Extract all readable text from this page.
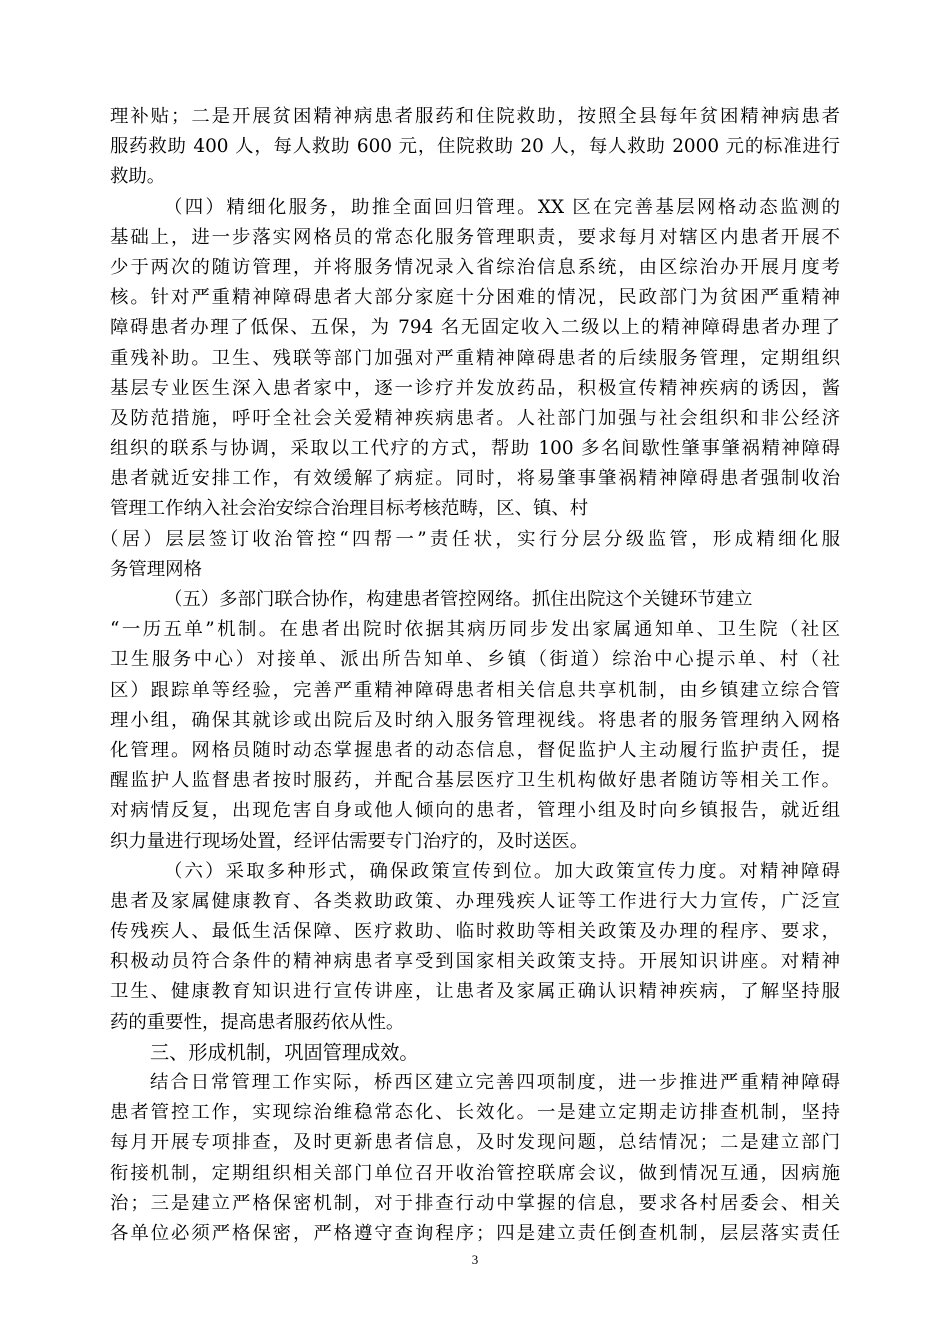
理补贴；二是开展贫困精神病患者服药和住院救助，按照全县每年贫困精神病患者
服药救助 400 人，每人救助 600 元，住院救助 20 人，每人救助 2000 元的标准进行
救助。
（四）精细化服务，助推全面回归管理。XX 区在完善基层网格动态监测的
基础上，进一步落实网格员的常态化服务管理职责，要求每月对辖区内患者开展不
少于两次的随访管理，并将服务情况录入省综治信息系统，由区综治办开展月度考
核。针对严重精神障碍患者大部分家庭十分困难的情况，民政部门为贫困严重精神
障碍患者办理了低保、五保，为 794 名无固定收入二级以上的精神障碍患者办理了
重残补助。卫生、残联等部门加强对严重精神障碍患者的后续服务管理，定期组织
基层专业医生深入患者家中，逐一诊疗并发放药品，积极宣传精神疾病的诱因，酱
及防范措施，呼吁全社会关爱精神疾病患者。人社部门加强与社会组织和非公经济
组织的联系与协调，采取以工代疗的方式，帮助 100 多名间歇性肇事肇祸精神障碍
患者就近安排工作，有效缓解了病症。同时，将易肇事肇祸精神障碍患者强制收治
管理工作纳入社会治安综合治理目标考核范畴，区、镇、村
（居）层层签订收治管控“四帮一”责任状，实行分层分级监管，形成精细化服
务管理网格
（五）多部门联合协作，构建患者管控网络。抓住出院这个关键环节建立
“一历五单”机制。在患者出院时依据其病历同步发出家属通知单、卫生院（社区
卫生服务中心）对接单、派出所告知单、乡镇（街道）综治中心提示单、村（社
区）跟踪单等经验，完善严重精神障碍患者相关信息共享机制，由乡镇建立综合管
理小组，确保其就诊或出院后及时纳入服务管理视线。将患者的服务管理纳入网格
化管理。网格员随时动态掌握患者的动态信息，督促监护人主动履行监护责任，提
醒监护人监督患者按时服药，并配合基层医疗卫生机构做好患者随访等相关工作。
对病情反复，出现危害自身或他人倾向的患者，管理小组及时向乡镇报告，就近组
织力量进行现场处置，经评估需要专门治疗的，及时送医。
（六）采取多种形式，确保政策宣传到位。加大政策宣传力度。对精神障碍
患者及家属健康教育、各类救助政策、办理残疾人证等工作进行大力宣传，广泛宣
传残疾人、最低生活保障、医疗救助、临时救助等相关政策及办理的程序、要求，
积极动员符合条件的精神病患者享受到国家相关政策支持。开展知识讲座。对精神
卫生、健康教育知识进行宣传讲座，让患者及家属正确认识精神疾病，了解坚持服
药的重要性，提高患者服药依从性。
三、形成机制，巩固管理成效。
结合日常管理工作实际，桥西区建立完善四项制度，进一步推进严重精神障碍
患者管控工作，实现综治维稳常态化、长效化。一是建立定期走访排查机制，坚持
每月开展专项排查，及时更新患者信息，及时发现问题，总结情况；二是建立部门
衔接机制，定期组织相关部门单位召开收治管控联席会议，做到情况互通，因病施
治；三是建立严格保密机制，对于排查行动中掌握的信息，要求各村居委会、相关
各单位必须严格保密，严格遵守查询程序；四是建立责任倒查机制，层层落实责任
3
